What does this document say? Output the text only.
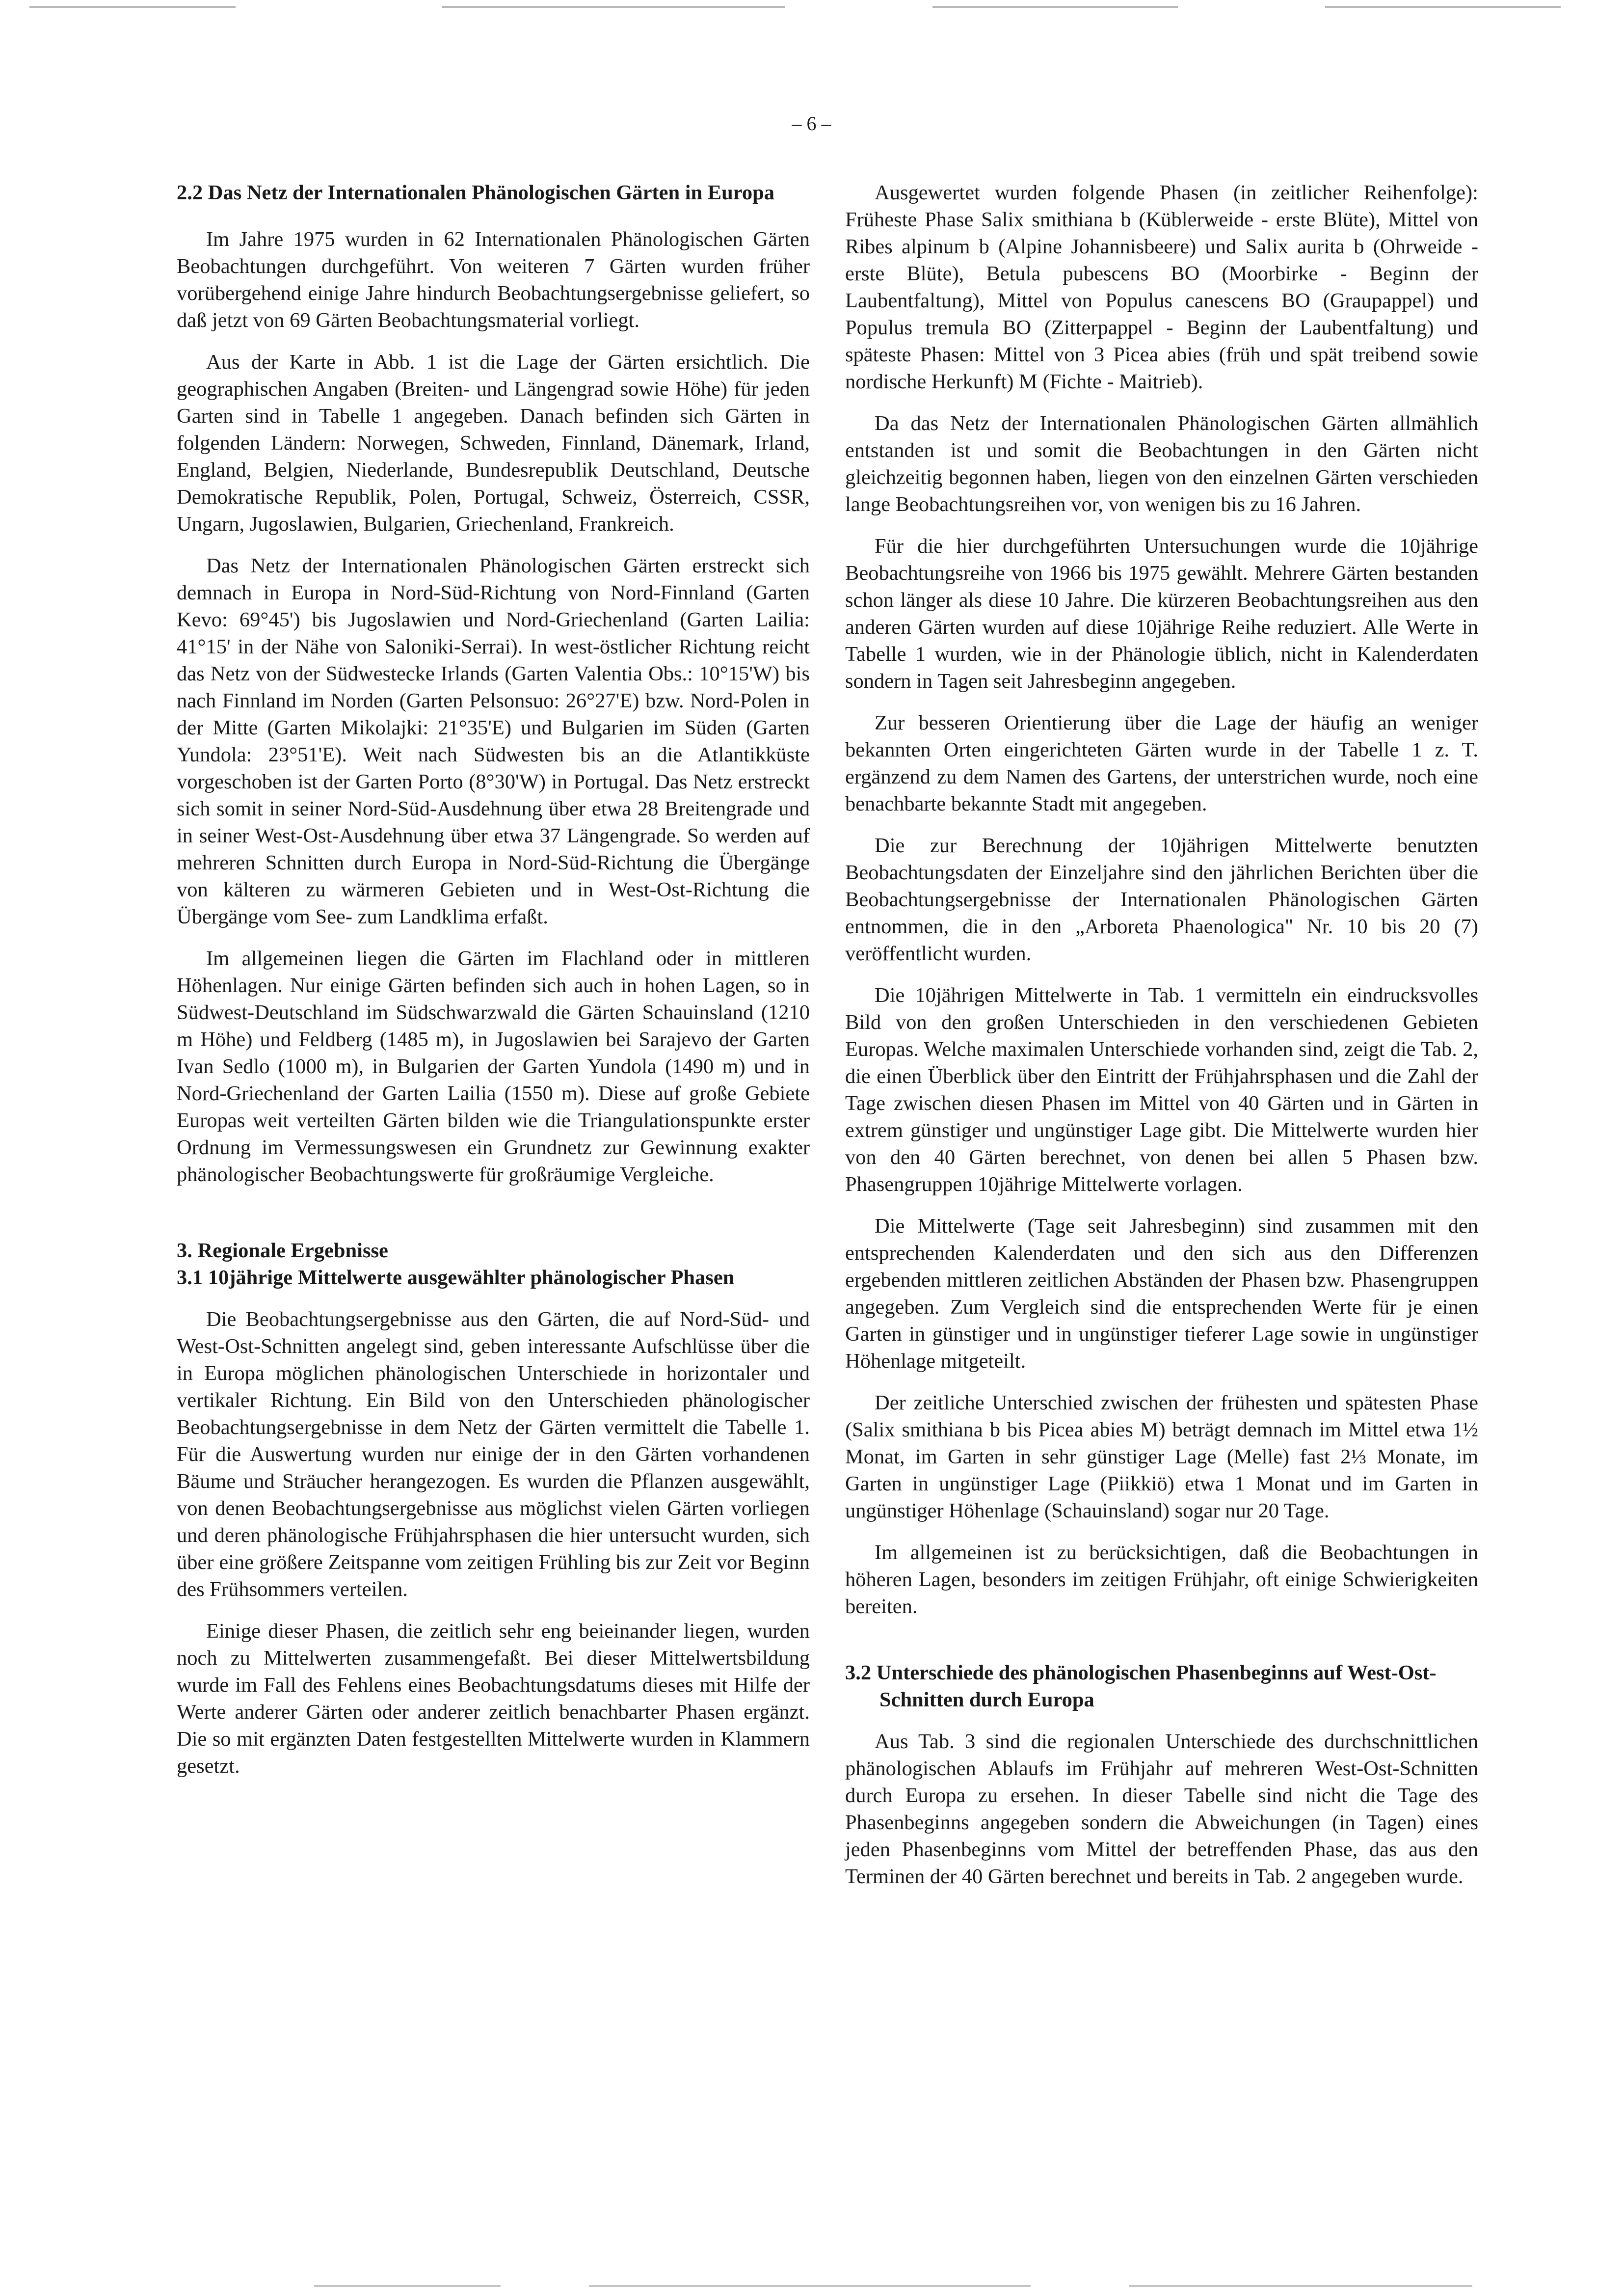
– 6 –
2.2 Das Netz der Internationalen Phänologischen Gärten in Europa

Im Jahre 1975 wurden in 62 Internationalen Phänologischen Gärten Beobachtungen durchgeführt. Von weiteren 7 Gärten wurden früher vorübergehend einige Jahre hindurch Beobachtungsergebnisse geliefert, so daß jetzt von 69 Gärten Beobachtungsmaterial vorliegt.

Aus der Karte in Abb. 1 ist die Lage der Gärten ersichtlich. Die geographischen Angaben (Breiten- und Längengrad sowie Höhe) für jeden Garten sind in Tabelle 1 angegeben. Danach befinden sich Gärten in folgenden Ländern: Norwegen, Schweden, Finnland, Dänemark, Irland, England, Belgien, Niederlande, Bundesrepublik Deutschland, Deutsche Demokratische Republik, Polen, Portugal, Schweiz, Österreich, CSSR, Ungarn, Jugoslawien, Bulgarien, Griechenland, Frankreich.

Das Netz der Internationalen Phänologischen Gärten erstreckt sich demnach in Europa in Nord-Süd-Richtung von Nord-Finnland (Garten Kevo: 69°45') bis Jugoslawien und Nord-Griechenland (Garten Lailia: 41°15' in der Nähe von Saloniki-Serrai). In west-östlicher Richtung reicht das Netz von der Südwestecke Irlands (Garten Valentia Obs.: 10°15'W) bis nach Finnland im Norden (Garten Pelsonsuo: 26°27'E) bzw. Nord-Polen in der Mitte (Garten Mikolajki: 21°35'E) und Bulgarien im Süden (Garten Yundola: 23°51'E). Weit nach Südwesten bis an die Atlantikküste vorgeschoben ist der Garten Porto (8°30'W) in Portugal. Das Netz erstreckt sich somit in seiner Nord-Süd-Ausdehnung über etwa 28 Breitengrade und in seiner West-Ost-Ausdehnung über etwa 37 Längengrade. So werden auf mehreren Schnitten durch Europa in Nord-Süd-Richtung die Übergänge von kälteren zu wärmeren Gebieten und in West-Ost-Richtung die Übergänge vom See- zum Landklima erfaßt.

Im allgemeinen liegen die Gärten im Flachland oder in mittleren Höhenlagen. Nur einige Gärten befinden sich auch in hohen Lagen, so in Südwest-Deutschland im Südschwarzwald die Gärten Schauinsland (1210 m Höhe) und Feldberg (1485 m), in Jugoslawien bei Sarajevo der Garten Ivan Sedlo (1000 m), in Bulgarien der Garten Yundola (1490 m) und in Nord-Griechenland der Garten Lailia (1550 m). Diese auf große Gebiete Europas weit verteilten Gärten bilden wie die Triangulationspunkte erster Ordnung im Vermessungswesen ein Grundnetz zur Gewinnung exakter phänologischer Beobachtungswerte für großräumige Vergleiche.

3. Regionale Ergebnisse
3.1 10jährige Mittelwerte ausgewählter phänologischer Phasen

Die Beobachtungsergebnisse aus den Gärten, die auf Nord-Süd- und West-Ost-Schnitten angelegt sind, geben interessante Aufschlüsse über die in Europa möglichen phänologischen Unterschiede in horizontaler und vertikaler Richtung. Ein Bild von den Unterschieden phänologischer Beobachtungsergebnisse in dem Netz der Gärten vermittelt die Tabelle 1. Für die Auswertung wurden nur einige der in den Gärten vorhandenen Bäume und Sträucher herangezogen. Es wurden die Pflanzen ausgewählt, von denen Beobachtungsergebnisse aus möglichst vielen Gärten vorliegen und deren phänologische Frühjahrsphasen die hier untersucht wurden, sich über eine größere Zeitspanne vom zeitigen Frühling bis zur Zeit vor Beginn des Frühsommers verteilen.

Einige dieser Phasen, die zeitlich sehr eng beieinander liegen, wurden noch zu Mittelwerten zusammengefaßt. Bei dieser Mittelwertsbildung wurde im Fall des Fehlens eines Beobachtungsdatums dieses mit Hilfe der Werte anderer Gärten oder anderer zeitlich benachbarter Phasen ergänzt. Die so mit ergänzten Daten festgestellten Mittelwerte wurden in Klammern gesetzt.

Ausgewertet wurden folgende Phasen (in zeitlicher Reihenfolge): Früheste Phase Salix smithiana b (Küblerweide - erste Blüte), Mittel von Ribes alpinum b (Alpine Johannisbeere) und Salix aurita b (Ohrweide - erste Blüte), Betula pubescens BO (Moorbirke - Beginn der Laubentfaltung), Mittel von Populus canescens BO (Graupappel) und Populus tremula BO (Zitterpappel - Beginn der Laubentfaltung) und späteste Phasen: Mittel von 3 Picea abies (früh und spät treibend sowie nordische Herkunft) M (Fichte - Maitrieb).

Da das Netz der Internationalen Phänologischen Gärten allmählich entstanden ist und somit die Beobachtungen in den Gärten nicht gleichzeitig begonnen haben, liegen von den einzelnen Gärten verschieden lange Beobachtungsreihen vor, von wenigen bis zu 16 Jahren.

Für die hier durchgeführten Untersuchungen wurde die 10jährige Beobachtungsreihe von 1966 bis 1975 gewählt. Mehrere Gärten bestanden schon länger als diese 10 Jahre. Die kürzeren Beobachtungsreihen aus den anderen Gärten wurden auf diese 10jährige Reihe reduziert. Alle Werte in Tabelle 1 wurden, wie in der Phänologie üblich, nicht in Kalenderdaten sondern in Tagen seit Jahresbeginn angegeben.

Zur besseren Orientierung über die Lage der häufig an weniger bekannten Orten eingerichteten Gärten wurde in der Tabelle 1 z. T. ergänzend zu dem Namen des Gartens, der unterstrichen wurde, noch eine benachbarte bekannte Stadt mit angegeben.

Die zur Berechnung der 10jährigen Mittelwerte benutzten Beobachtungsdaten der Einzeljahre sind den jährlichen Berichten über die Beobachtungsergebnisse der Internationalen Phänologischen Gärten entnommen, die in den „Arboreta Phaenologica" Nr. 10 bis 20 (7) veröffentlicht wurden.

Die 10jährigen Mittelwerte in Tab. 1 vermitteln ein eindrucksvolles Bild von den großen Unterschieden in den verschiedenen Gebieten Europas. Welche maximalen Unterschiede vorhanden sind, zeigt die Tab. 2, die einen Überblick über den Eintritt der Frühjahrsphasen und die Zahl der Tage zwischen diesen Phasen im Mittel von 40 Gärten und in Gärten in extrem günstiger und ungünstiger Lage gibt. Die Mittelwerte wurden hier von den 40 Gärten berechnet, von denen bei allen 5 Phasen bzw. Phasengruppen 10jährige Mittelwerte vorlagen.

Die Mittelwerte (Tage seit Jahresbeginn) sind zusammen mit den entsprechenden Kalenderdaten und den sich aus den Differenzen ergebenden mittleren zeitlichen Abständen der Phasen bzw. Phasengruppen angegeben. Zum Vergleich sind die entsprechenden Werte für je einen Garten in günstiger und in ungünstiger tieferer Lage sowie in ungünstiger Höhenlage mitgeteilt.

Der zeitliche Unterschied zwischen der frühesten und spätesten Phase (Salix smithiana b bis Picea abies M) beträgt demnach im Mittel etwa 1½ Monat, im Garten in sehr günstiger Lage (Melle) fast 2⅓ Monate, im Garten in ungünstiger Lage (Piikkiö) etwa 1 Monat und im Garten in ungünstiger Höhenlage (Schauinsland) sogar nur 20 Tage.

Im allgemeinen ist zu berücksichtigen, daß die Beobachtungen in höheren Lagen, besonders im zeitigen Frühjahr, oft einige Schwierigkeiten bereiten.

3.2 Unterschiede des phänologischen Phasenbeginns auf West-Ost-Schnitten durch Europa

Aus Tab. 3 sind die regionalen Unterschiede des durchschnittlichen phänologischen Ablaufs im Frühjahr auf mehreren West-Ost-Schnitten durch Europa zu ersehen. In dieser Tabelle sind nicht die Tage des Phasenbeginns angegeben sondern die Abweichungen (in Tagen) eines jeden Phasenbeginns vom Mittel der betreffenden Phase, das aus den Terminen der 40 Gärten berechnet und bereits in Tab. 2 angegeben wurde.
